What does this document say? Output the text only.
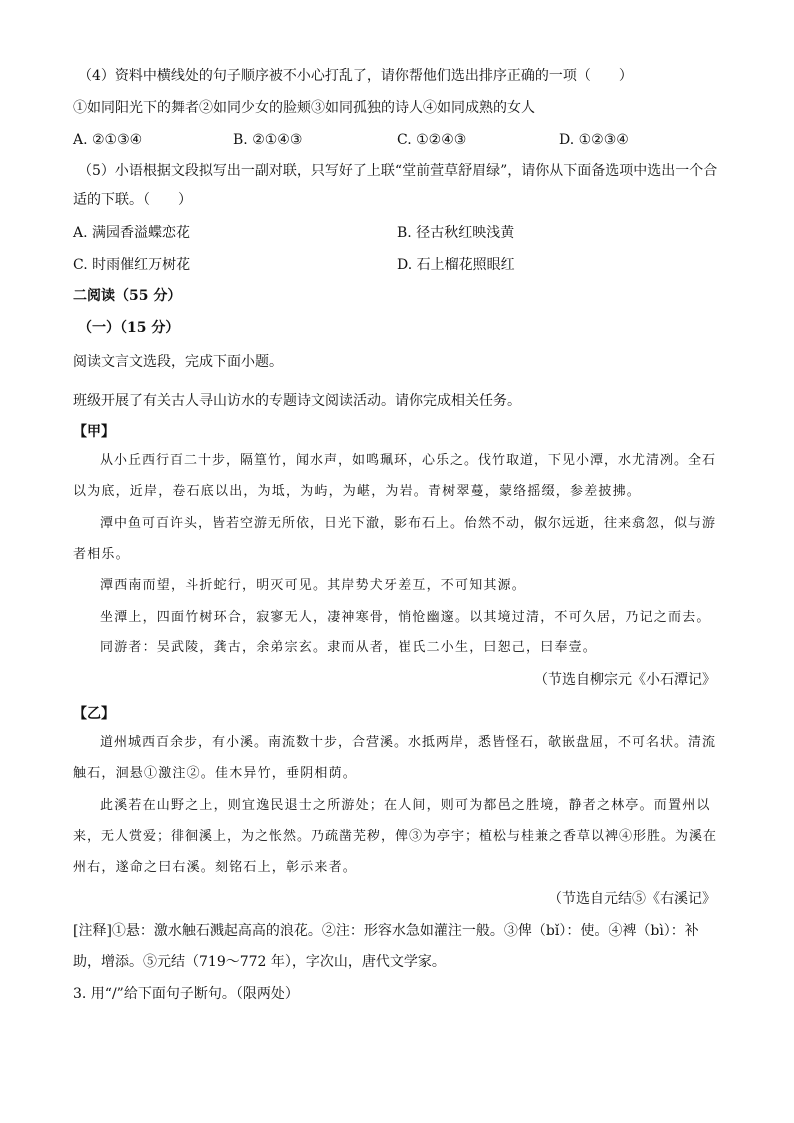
（4）资料中横线处的句子顺序被不小心打乱了，请你帮他们选出排序正确的一项（　　）
①如同阳光下的舞者②如同少女的脸颊③如同孤独的诗人④如同成熟的女人
A. ②①③④	B. ②①④③	C. ①②④③	D. ①②③④
（5）小语根据文段拟写出一副对联，只写好了上联“堂前萱草舒眉绿”，请你从下面备选项中选出一个合
适的下联。（　　）
A. 满园香溢蝶恋花	B. 径古秋红映浅黄
C. 时雨催红万树花	D. 石上榴花照眼红
二阅读（55 分）
（一）（15 分）
阅读文言文选段，完成下面小题。
班级开展了有关古人寻山访水的专题诗文阅读活动。请你完成相关任务。
【甲】
从小丘西行百二十步，隔篁竹，闻水声，如鸣珮环，心乐之。伐竹取道，下见小潭，水尤清冽。全石
以为底，近岸，卷石底以出，为坻，为屿，为嵁，为岩。青树翠蔓，蒙络摇缀，参差披拂。
潭中鱼可百许头，皆若空游无所依，日光下澈，影布石上。佁然不动，俶尔远逝，往来翕忽，似与游
者相乐。
潭西南而望，斗折蛇行，明灭可见。其岸势犬牙差互，不可知其源。
坐潭上，四面竹树环合，寂寥无人，凄神寒骨，悄怆幽邃。以其境过清，不可久居，乃记之而去。
同游者：吴武陵，龚古，余弟宗玄。隶而从者，崔氏二小生，曰恕己，曰奉壹。
（节选自柳宗元《小石潭记》
【乙】
道州城西百余步，有小溪。南流数十步，合营溪。水抵两岸，悉皆怪石，欹嵌盘屈，不可名状。清流
触石，洄悬①激注②。佳木异竹，垂阴相荫。
此溪若在山野之上，则宜逸民退士之所游处；在人间，则可为都邑之胜境，静者之林亭。而置州以
来，无人赏爱；徘徊溪上，为之怅然。乃疏凿芜秽，俾③为亭宇；植松与桂兼之香草以裨④形胜。为溪在
州右，遂命之曰右溪。刻铭石上，彰示来者。
（节选自元结⑤《右溪记》
[注释]①悬：激水触石溅起高高的浪花。②注：形容水急如灌注一般。③俾（bǐ）：使。④裨（bì）：补
助，增添。⑤元结（719～772 年），字次山，唐代文学家。
3. 用“/”给下面句子断句。（限两处）
